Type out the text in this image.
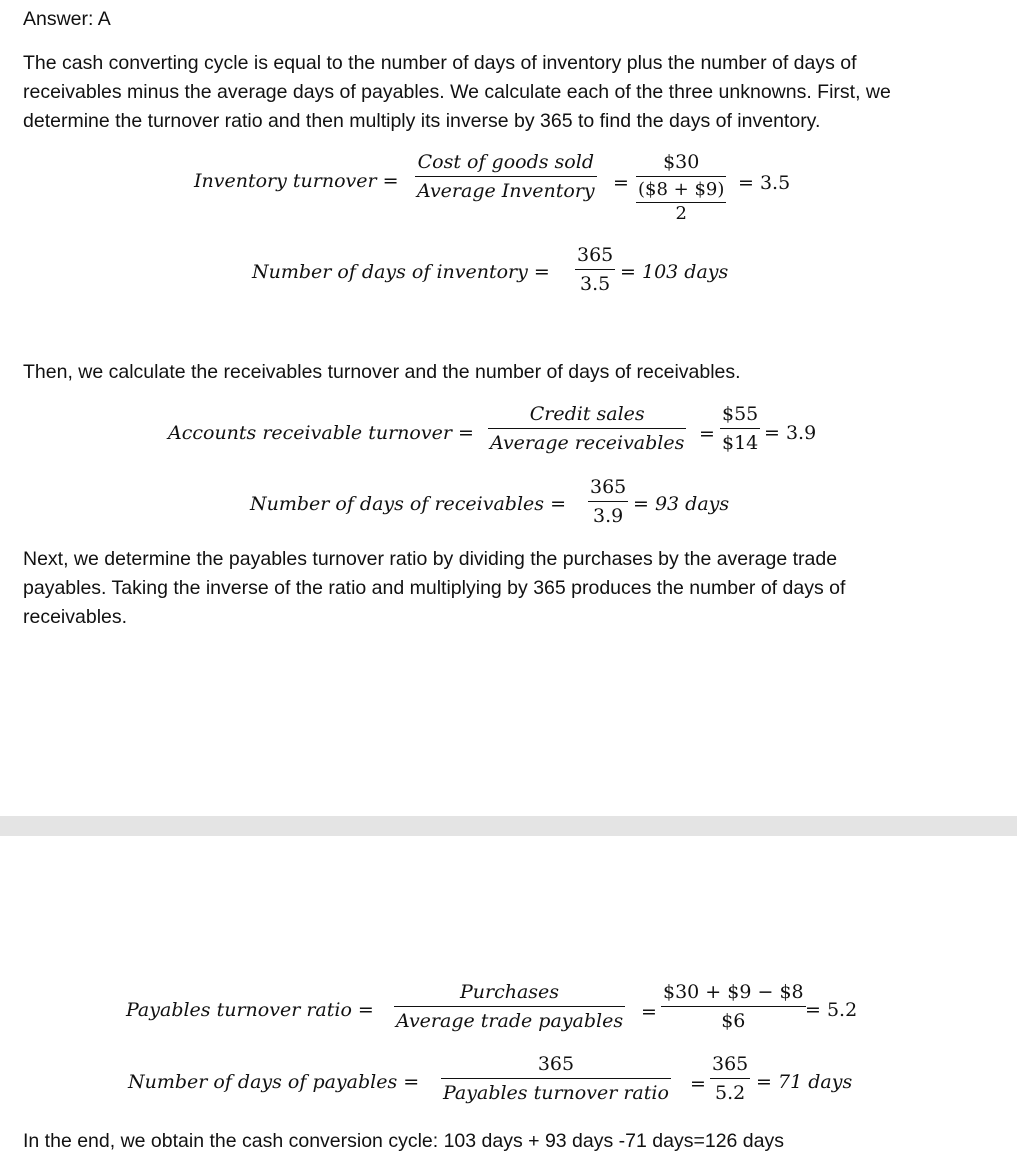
Answer: A
The cash converting cycle is equal to the number of days of inventory plus the number of days of receivables minus the average days of payables. We calculate each of the three unknowns. First, we determine the turnover ratio and then multiply its inverse by 365 to find the days of inventory.
Inventory turnover =
Cost of goods sold
Average Inventory =
$30
$\frac{(\$8 + \$9)}{2} = 3.5$
Number of days of inventory =
365
3.5
= 103 days
Then, we calculate the receivables turnover and the number of days of receivables.
Accounts receivable turnover =
Credit sales
Average receivables =
$55
$14 = 3.9
Number of days of receivables =
365
3.9
= 93 days
Next, we determine the payables turnover ratio by dividing the purchases by the average trade payables. Taking the inverse of the ratio and multiplying by 365 produces the number of days of receivables.
Payables turnover ratio =
Purchases
Average trade payables =
$30 + $9 − $8
$6	= 5.2
Number of days of payables =
365
Payables turnover ratio =
365
5.2 = 71 days
In the end, we obtain the cash conversion cycle: 103 days + 93 days -71 days=126 days
